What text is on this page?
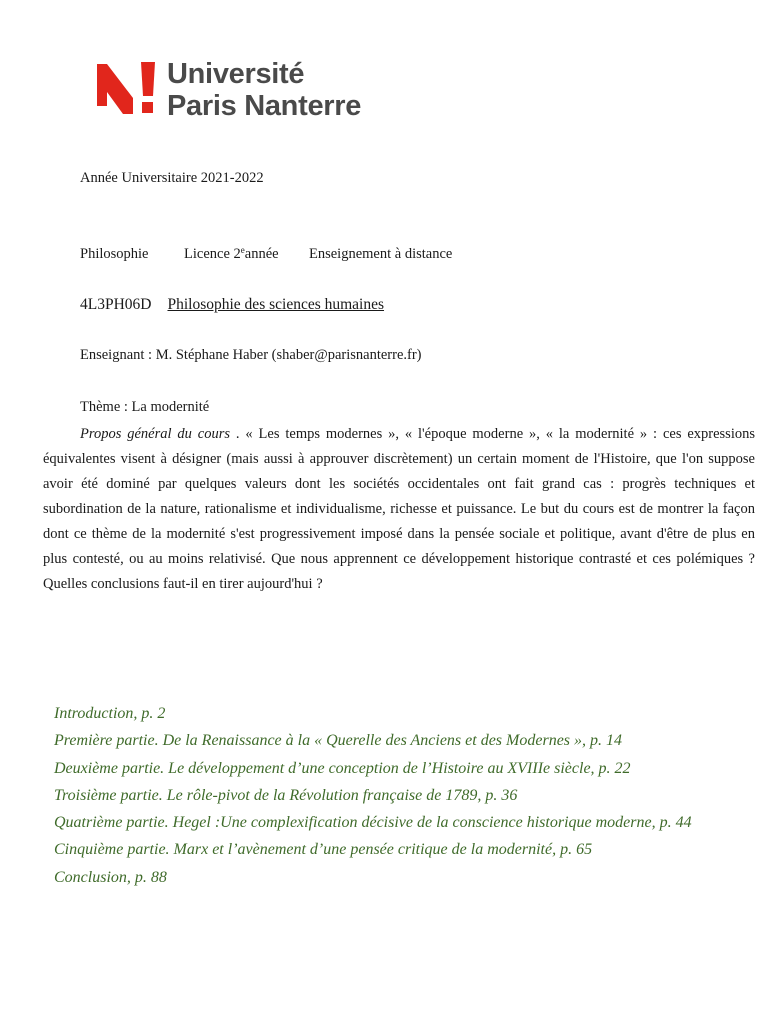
Université
Paris Nanterre
Année Universitaire 2021-2022
Philosophie Licence 2eannée Enseignement à distance
4L3PH06D Philosophie des sciences humaines
Enseignant : M. Stéphane Haber (shaber@parisnanterre.fr)
Thème : La modernité

Propos général du cours . « Les temps modernes », « l'époque moderne », « la modernité » : ces expressions équivalentes visent à désigner (mais aussi à approuver discrètement) un certain moment de l'Histoire, que l'on suppose avoir été dominé par quelques valeurs dont les sociétés occidentales ont fait grand cas : progrès techniques et subordination de la nature, rationalisme et individualisme, richesse et puissance. Le but du cours est de montrer la façon dont ce thème de la modernité s'est progressivement imposé dans la pensée sociale et politique, avant d'être de plus en plus contesté, ou au moins relativisé. Que nous apprennent ce développement historique contrasté et ces polémiques ? Quelles conclusions faut-il en tirer aujourd'hui ?

Introduction, p. 2
Première partie. De la Renaissance à la « Querelle des Anciens et des Modernes », p. 14
Deuxième partie. Le développement d’une conception de l’Histoire au XVIIIe siècle, p. 22
Troisième partie. Le rôle-pivot de la Révolution française de 1789, p. 36
Quatrième partie. Hegel :Une complexification décisive de la conscience historique moderne, p. 44
Cinquième partie. Marx et l’avènement d’une pensée critique de la modernité, p. 65
Conclusion, p. 88
